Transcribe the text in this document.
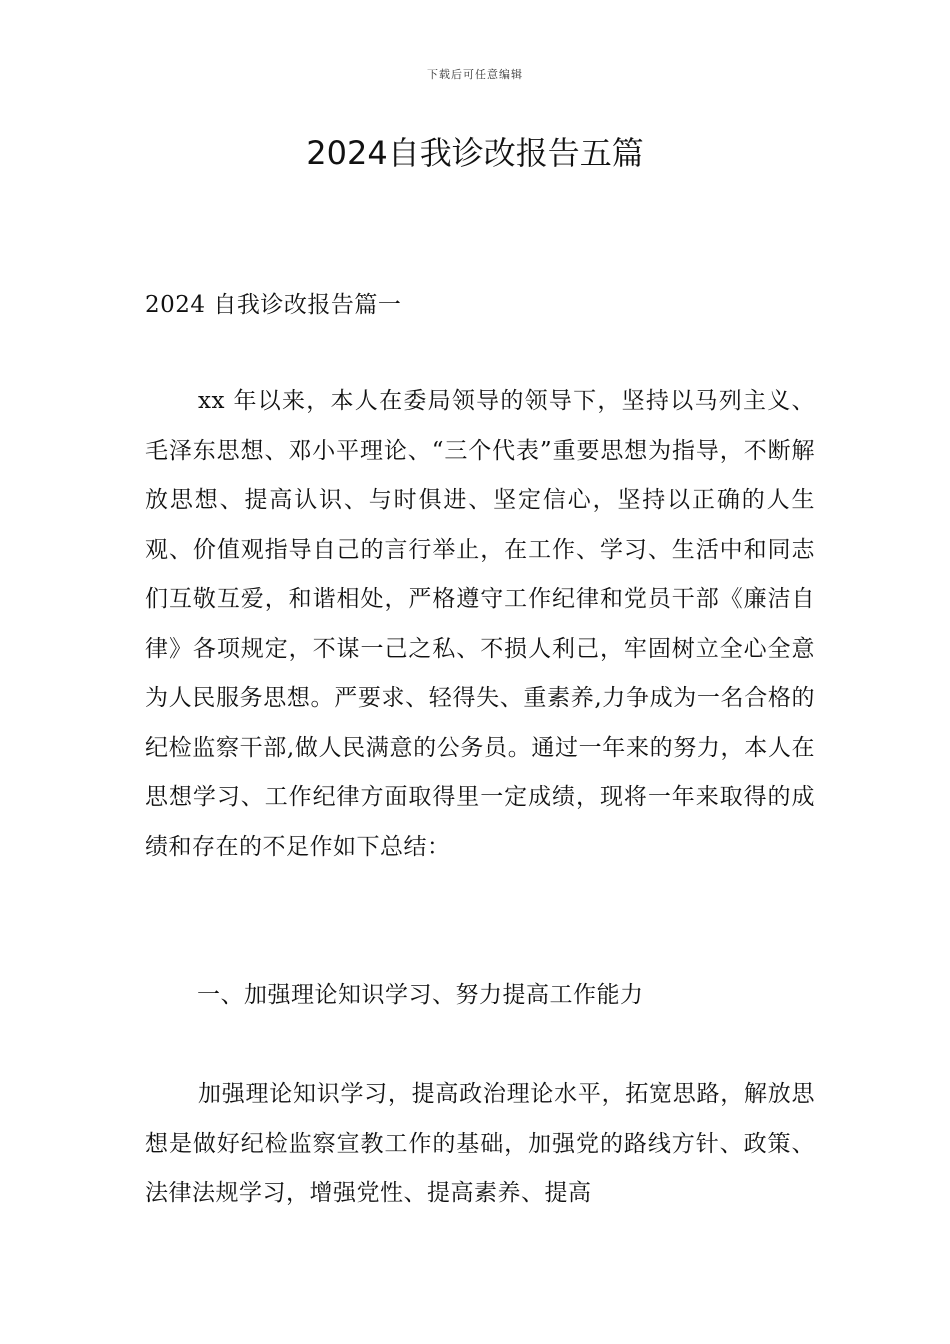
下载后可任意编辑
2024自我诊改报告五篇

2024 自我诊改报告篇一

xx 年以来，本人在委局领导的领导下，坚持以马列主义、毛泽东思想、邓小平理论、“三个代表”重要思想为指导，不断解放思想、提高认识、与时俱进、坚定信心，坚持以正确的人生观、价值观指导自己的言行举止，在工作、学习、生活中和同志们互敬互爱，和谐相处，严格遵守工作纪律和党员干部《廉洁自律》各项规定，不谋一己之私、不损人利己，牢固树立全心全意为人民服务思想。严要求、轻得失、重素养,力争成为一名合格的纪检监察干部,做人民满意的公务员。通过一年来的努力，本人在思想学习、工作纪律方面取得里一定成绩，现将一年来取得的成绩和存在的不足作如下总结：

一、加强理论知识学习、努力提高工作能力

加强理论知识学习，提高政治理论水平，拓宽思路，解放思想是做好纪检监察宣教工作的基础，加强党的路线方针、政策、法律法规学习，增强党性、提高素养、提高
